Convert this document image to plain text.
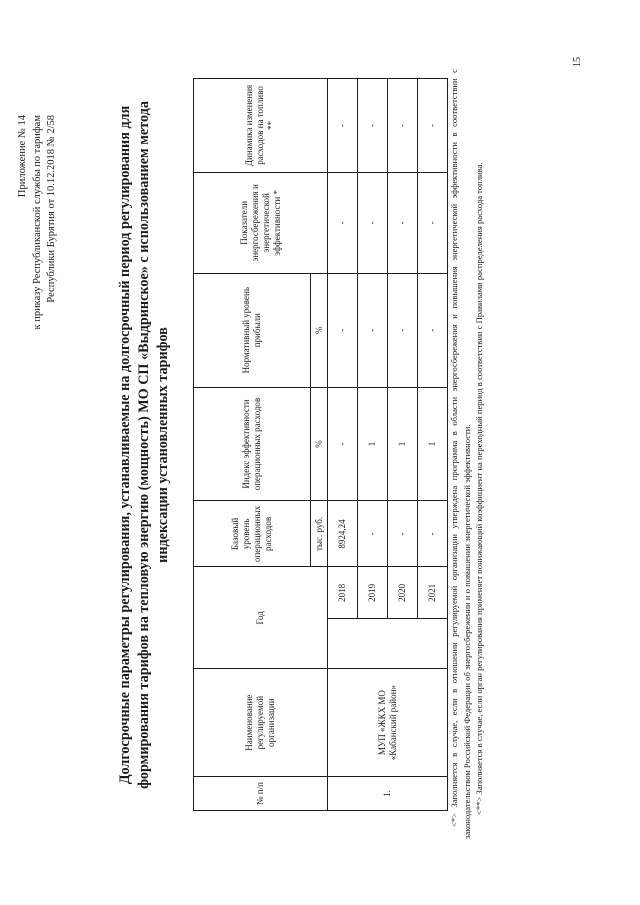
Приложение № 14 к приказу Республиканской службы по тарифам Республики Бурятия от 10.12.2018 № 2/58
15
Долгосрочные параметры регулирования, устанавливаемые на долгосрочный период регулирования для формирования тарифов на тепловую энергию (мощность) МО СП «Выдринское» с использованием метода индексации установленных тарифов
№ п/п	Наименование регулируемой организации	Год		Базовый уровень операционных расходов	Индекс эффективности операционных расходов	Нормативный уровень прибыли	Показатели энергосбережения и энергетической эффективности *	Динамика изменения расходов на топливо **
				тыс. руб.	%	%		
1.	МУП «ЖКХ МО «Кабанский район»		2018	8924,24	-	-	-	-
			2019	-	1	-	-	-
			2020	-	1	-	-	-
			2021	-	1	-	-	- <*> Заполняется в случае, если в отношении регулируемой организации утверждена программа в области энергосбережения и повышения энергетической эффективности в соответствии с законодательством Российской Федерации об энергосбережении и о повышении энергетической эффективности. <**> Заполняется в случае, если орган регулирования применяет понижающий коэффициент на переходный период в соответствии с Правилами распределения расхода топлива.
